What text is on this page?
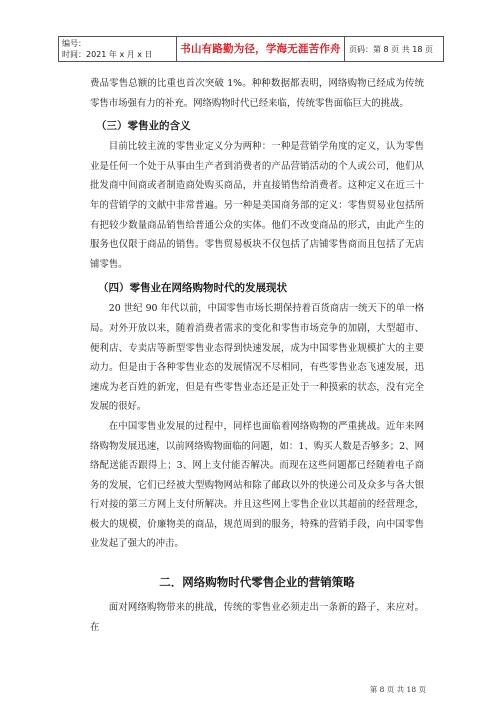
编号：
时间：2021 年 x 月 x 日	书山有路勤为径，学海无涯苦作舟	页码：第 8 页 共 18 页

费品零售总额的比重也首次突破 1%。种种数据都表明，网络购物已经成为传统零售市场强有力的补充。网络购物时代已经来临，传统零售面临巨大的挑战。

（三）零售业的含义

目前比较主流的零售业定义分为两种：一种是营销学角度的定义，认为零售业是任何一个处于从事由生产者到消费者的产品营销活动的个人或公司，他们从批发商中间商或者制造商处购买商品，并直接销售给消费者。这种定义在近三十年的营销学的文献中非常普遍。另一种是美国商务部的定义：零售贸易业包括所有把较少数量商品销售给普通公众的实体。他们不改变商品的形式，由此产生的服务也仅限于商品的销售。零售贸易板块不仅包括了店铺零售商而且包括了无店铺零售。

（四）零售业在网络购物时代的发展现状

20 世纪 90 年代以前，中国零售市场长期保持着百货商店一统天下的单一格局。对外开放以来，随着消费者需求的变化和零售市场竞争的加剧，大型超市、便利店、专卖店等新型零售业态得到快速发展，成为中国零售业规模扩大的主要动力。但是由于各种零售业态的发展情况不尽相同，有些零售业态飞速发展，迅速成为老百姓的新宠，但是有些零售业态还是正处于一种摸索的状态，没有完全发展的很好。

在中国零售业发展的过程中，同样也面临着网络购物的严重挑战。近年来网络购物发展迅速，以前网络购物面临的问题，如：1、购买人数是否够多；2、网络配送能否跟得上；3、网上支付能否解决。而现在这些问题都已经随着电子商务的发展，它们已经被大型购物网站和除了邮政以外的快递公司及众多与各大银行对接的第三方网上支付所解决。并且这些网上零售企业以其超前的经营理念，极大的规模，价廉物美的商品，规范周到的服务，特殊的营销手段，向中国零售业发起了强大的冲击。

二．网络购物时代零售企业的营销策略

面对网络购物带来的挑战，传统的零售业必须走出一条新的路子，来应对。在

第 8 页 共 18 页
